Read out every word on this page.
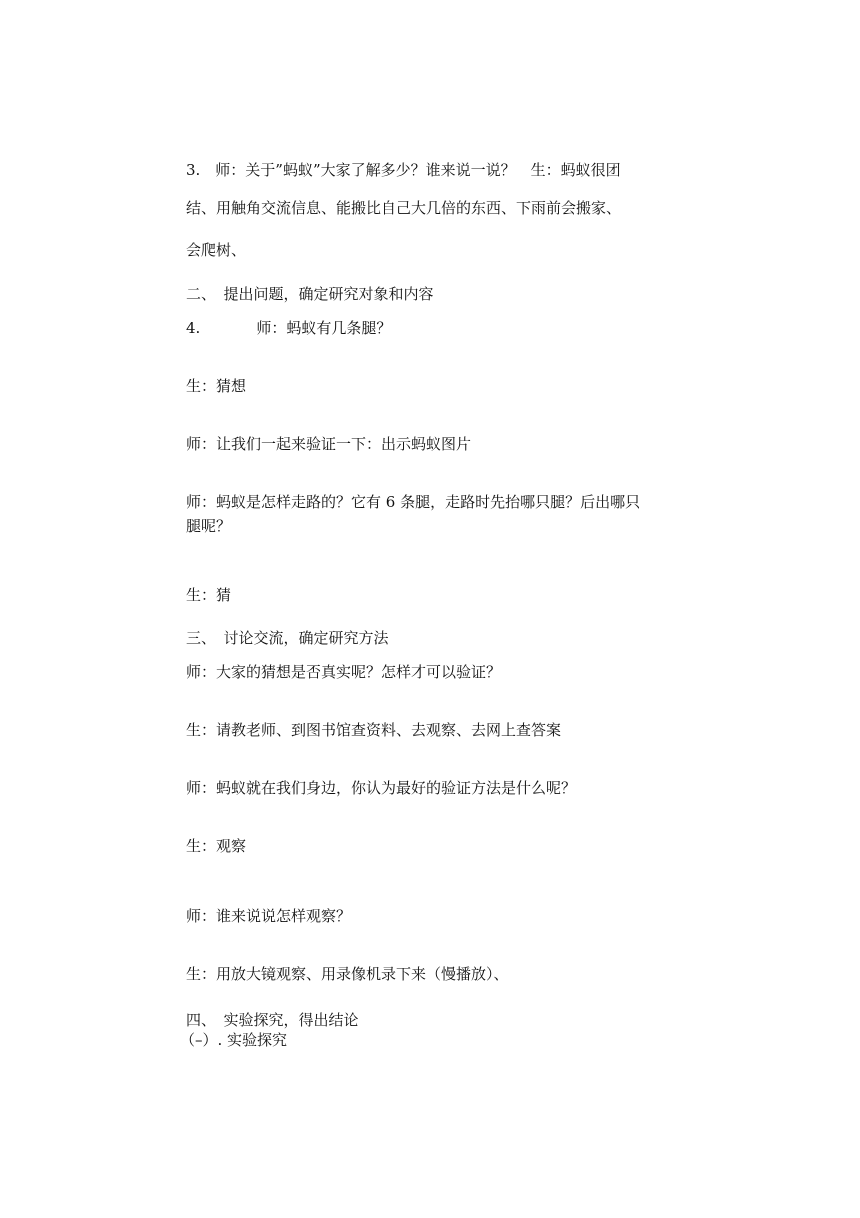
3.　师：关于”蚂蚁”大家了解多少？谁来说一说？　生：蚂蚁很团
结、用触角交流信息、能搬比自己大几倍的东西、下雨前会搬家、
会爬树、
二、　提出问题，确定研究对象和内容
4.	师：蚂蚁有几条腿？
生：猜想
师：让我们一起来验证一下：出示蚂蚁图片
师：蚂蚁是怎样走路的？它有 6 条腿，走路时先抬哪只腿？后出哪只
腿呢？
生：猜
三、　讨论交流，确定研究方法
师：大家的猜想是否真实呢？怎样才可以验证？
生：请教老师、到图书馆查资料、去观察、去网上查答案
师：蚂蚁就在我们身边，你认为最好的验证方法是什么呢？
生：观察
师：谁来说说怎样观察？
生：用放大镜观察、用录像机录下来（慢播放）、
四、　实验探究，得出结论
（–）. 实验探究
